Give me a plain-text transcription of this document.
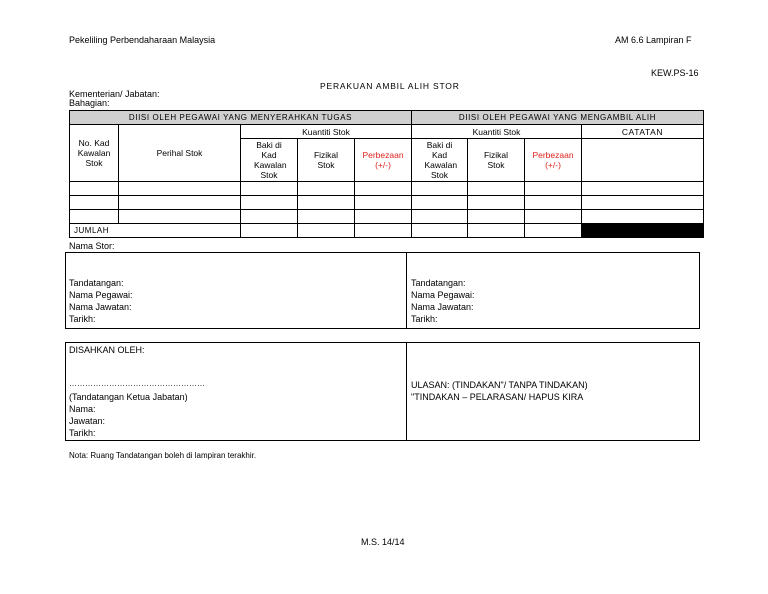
Pekeliling Perbendaharaan Malaysia	AM 6.6 Lampiran F
KEW.PS-16
PERAKUAN AMBIL ALIH STOR
Kementerian/ Jabatan:
Bahagian:
DIISI OLEH PEGAWAI YANG MENYERAHKAN TUGAS					DIISI OLEH PEGAWAI YANG MENGAMBIL ALIH			

No. Kad Kawalan Stok	Perihal Stok	Kuantiti Stok			Kuantiti Stok			CATATAN

		Baki di Kad Kawalan Stok	Fizikal Stok	Perbezaan (+/-)	Baki di Kad Kawalan Stok	Fizikal Stok	Perbezaan (+/-)	

JUMLAH								
Nama Stor:
Tandatangan:
Nama Pegawai:
Nama Jawatan:
Tarikh:
Tandatangan:
Nama Pegawai:
Nama Jawatan:
Tarikh:
DISAHKAN OLEH:
……………………………………………
(Tandatangan Ketua Jabatan)
Nama:
Jawatan:
Tarikh:
ULASAN: (TINDAKAN"/ TANPA TINDAKAN)
"TINDAKAN – PELARASAN/ HAPUS KIRA
Nota: Ruang Tandatangan boleh di lampiran terakhir.
M.S. 14/14
